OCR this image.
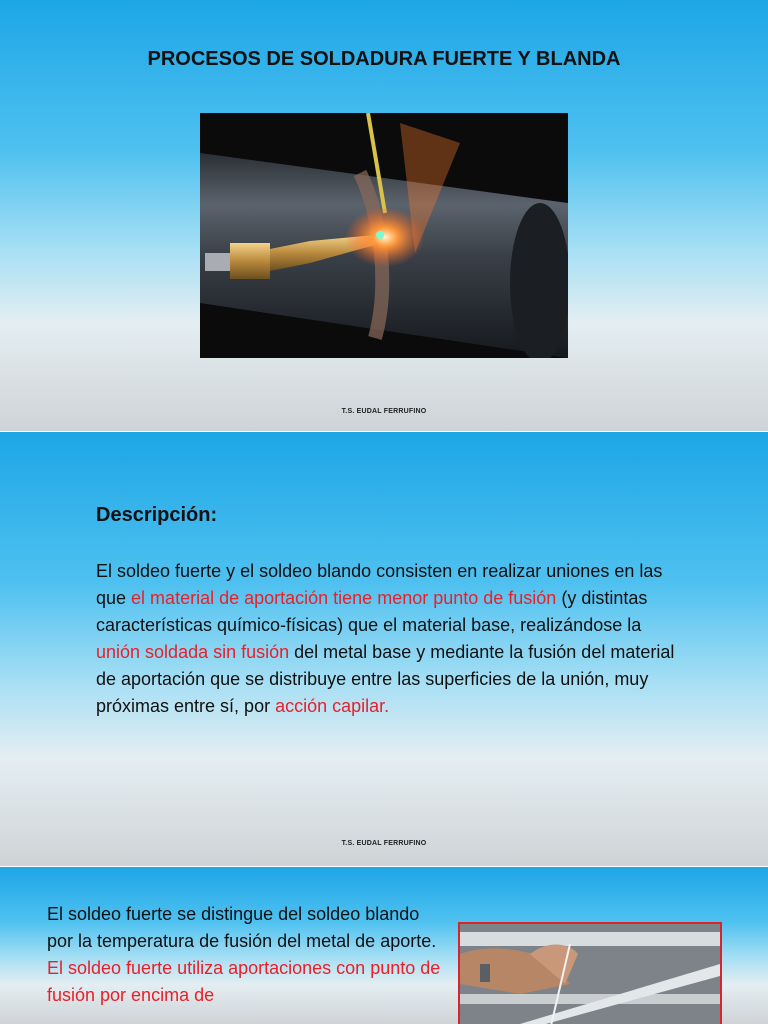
PROCESOS DE SOLDADURA FUERTE Y BLANDA
T.S. EUDAL FERRUFINO
Descripción:
El soldeo fuerte y el soldeo blando consisten en realizar uniones en las que el material de aportación tiene menor punto de fusión (y distintas características químico-físicas) que el material base, realizándose la unión soldada sin fusión del metal base y mediante la fusión del material de aportación que se distribuye entre las superficies de la unión, muy próximas entre sí, por acción capilar.
T.S. EUDAL FERRUFINO
El soldeo fuerte se distingue del soldeo blando por la temperatura de fusión del metal de aporte.
El soldeo fuerte utiliza aportaciones con punto de fusión por encima de
